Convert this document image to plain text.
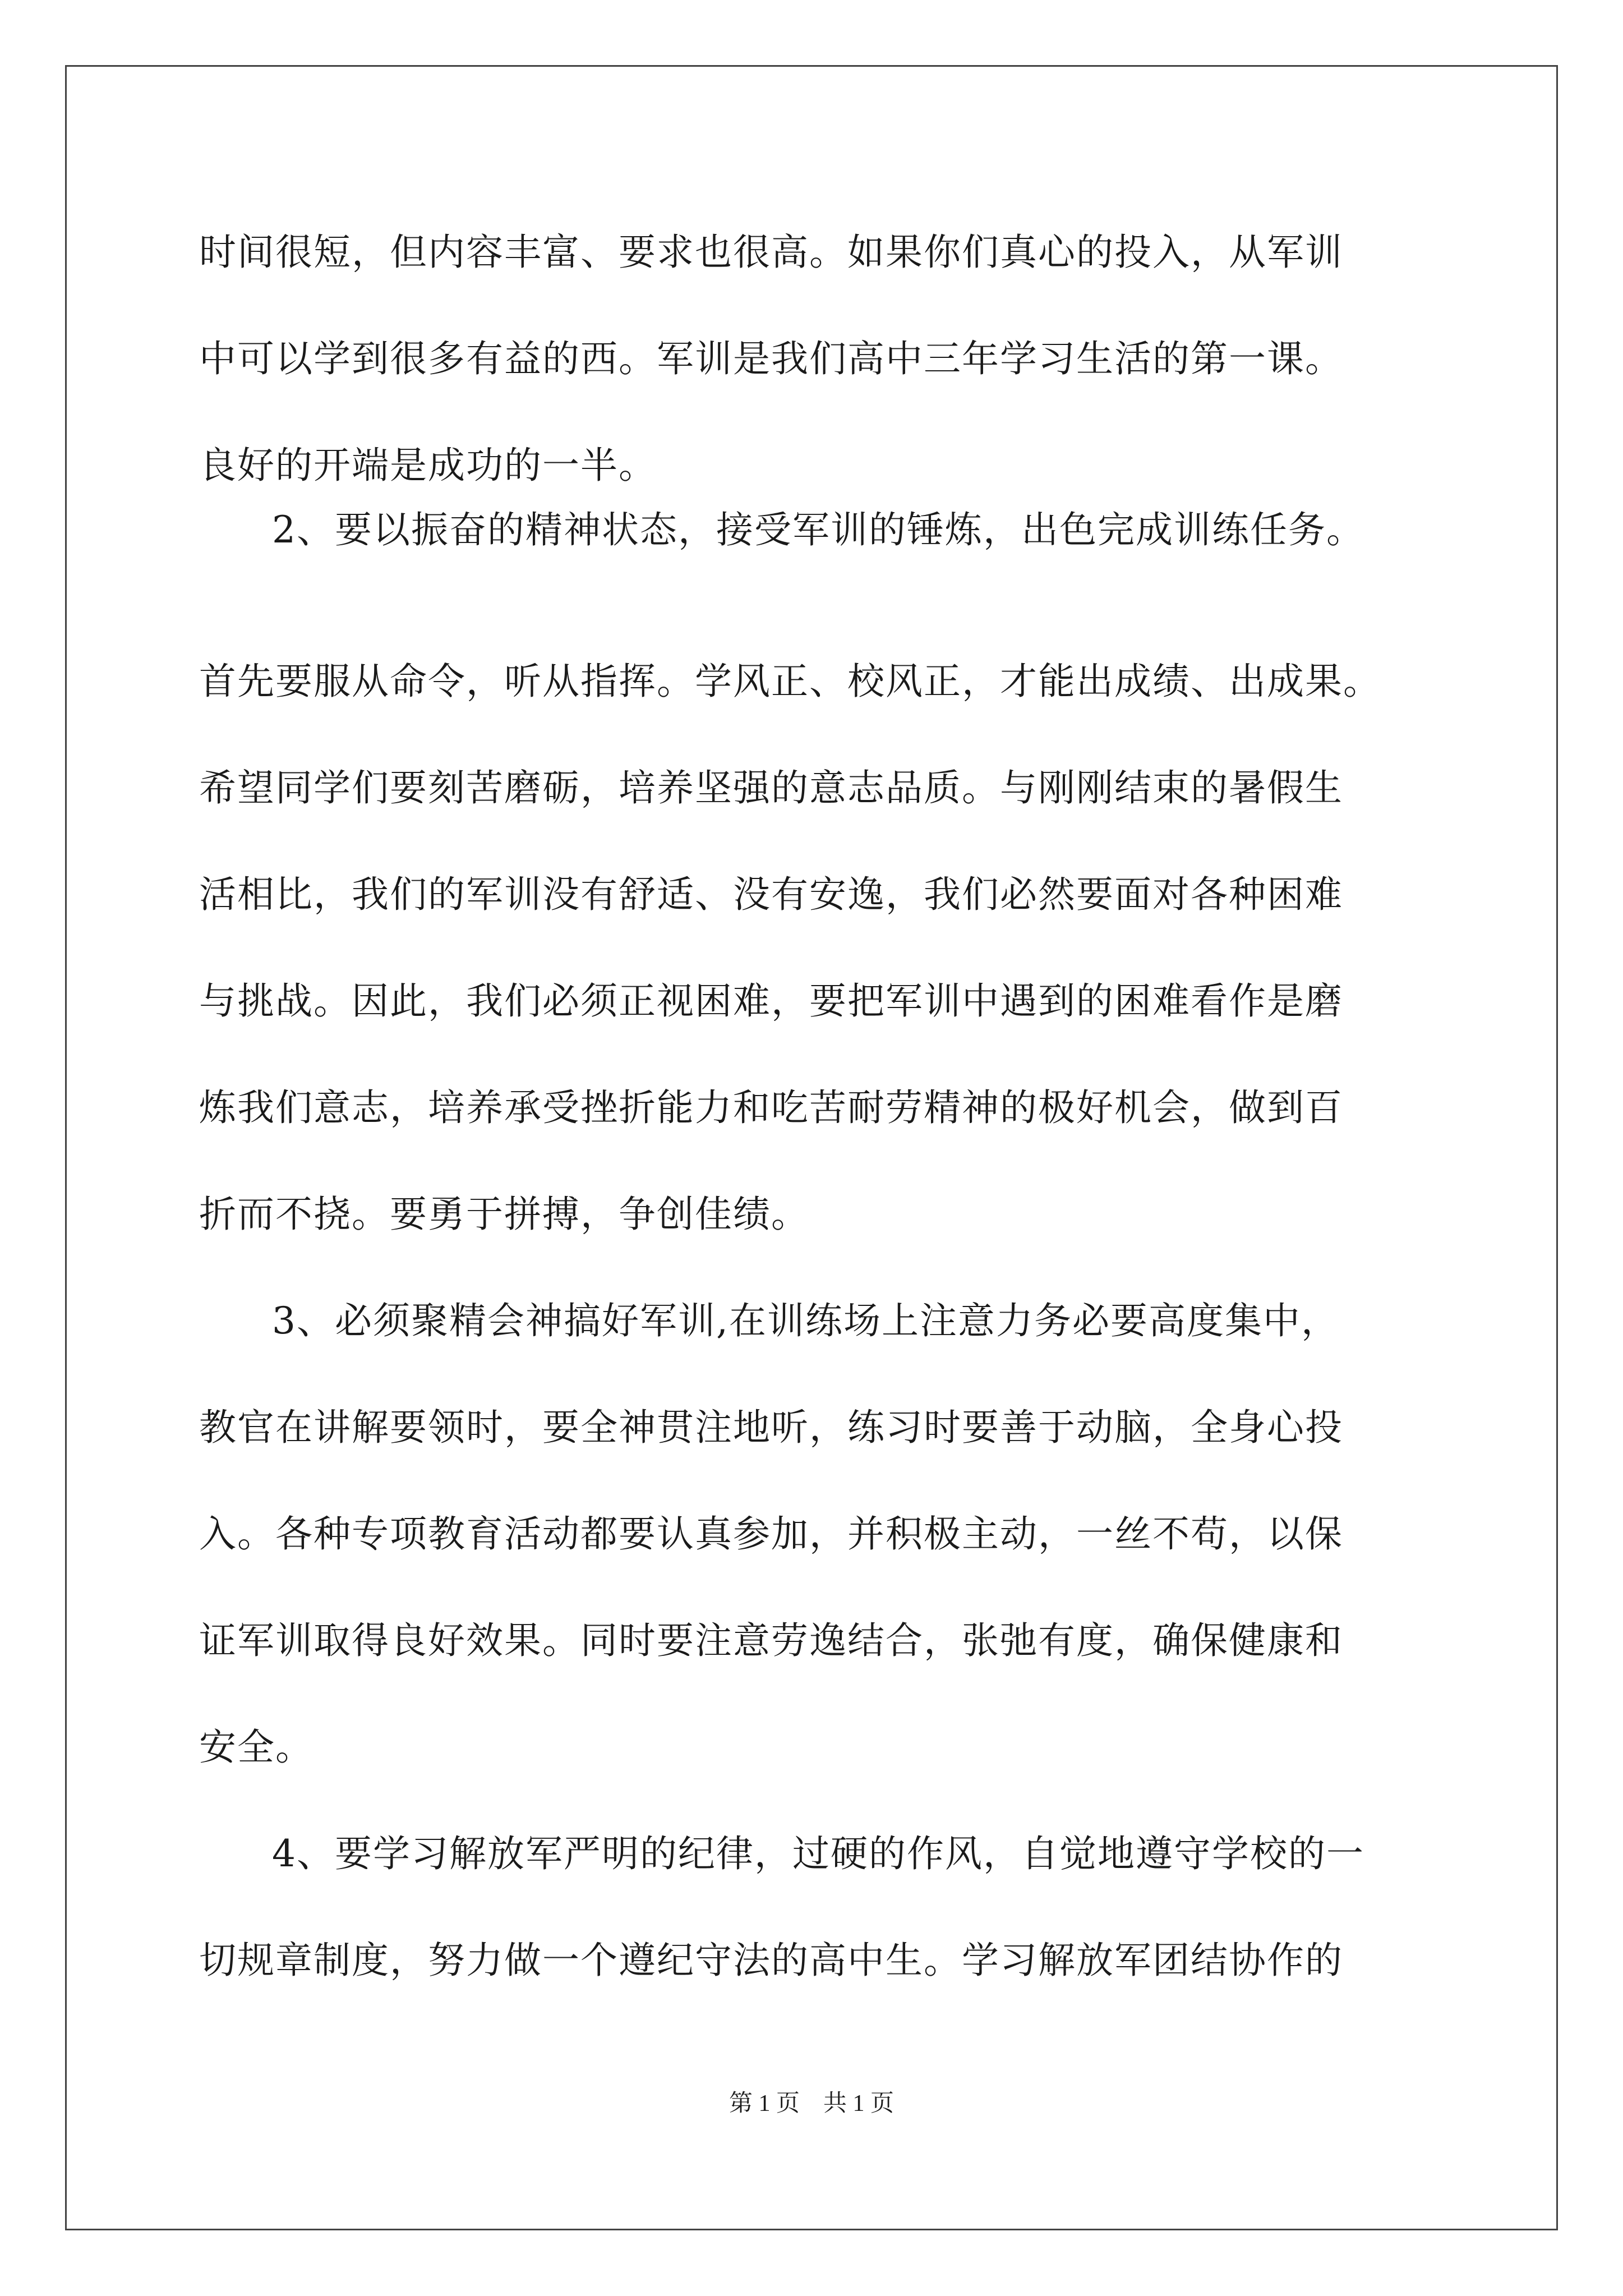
时间很短，但内容丰富、要求也很高。如果你们真心的投入，从军训
中可以学到很多有益的西。军训是我们高中三年学习生活的第一课。
良好的开端是成功的一半。
2、要以振奋的精神状态，接受军训的锤炼，出色完成训练任务。
首先要服从命令，听从指挥。学风正、校风正，才能出成绩、出成果。
希望同学们要刻苦磨砺，培养坚强的意志品质。与刚刚结束的暑假生
活相比，我们的军训没有舒适、没有安逸，我们必然要面对各种困难
与挑战。因此，我们必须正视困难，要把军训中遇到的困难看作是磨
炼我们意志，培养承受挫折能力和吃苦耐劳精神的极好机会，做到百
折而不挠。要勇于拼搏，争创佳绩。
3、必须聚精会神搞好军训,在训练场上注意力务必要高度集中，
教官在讲解要领时，要全神贯注地听，练习时要善于动脑，全身心投
入。各种专项教育活动都要认真参加，并积极主动，一丝不苟，以保
证军训取得良好效果。同时要注意劳逸结合，张弛有度，确保健康和
安全。
4、要学习解放军严明的纪律，过硬的作风，自觉地遵守学校的一
切规章制度，努力做一个遵纪守法的高中生。学习解放军团结协作的
第 1 页    共 1 页
